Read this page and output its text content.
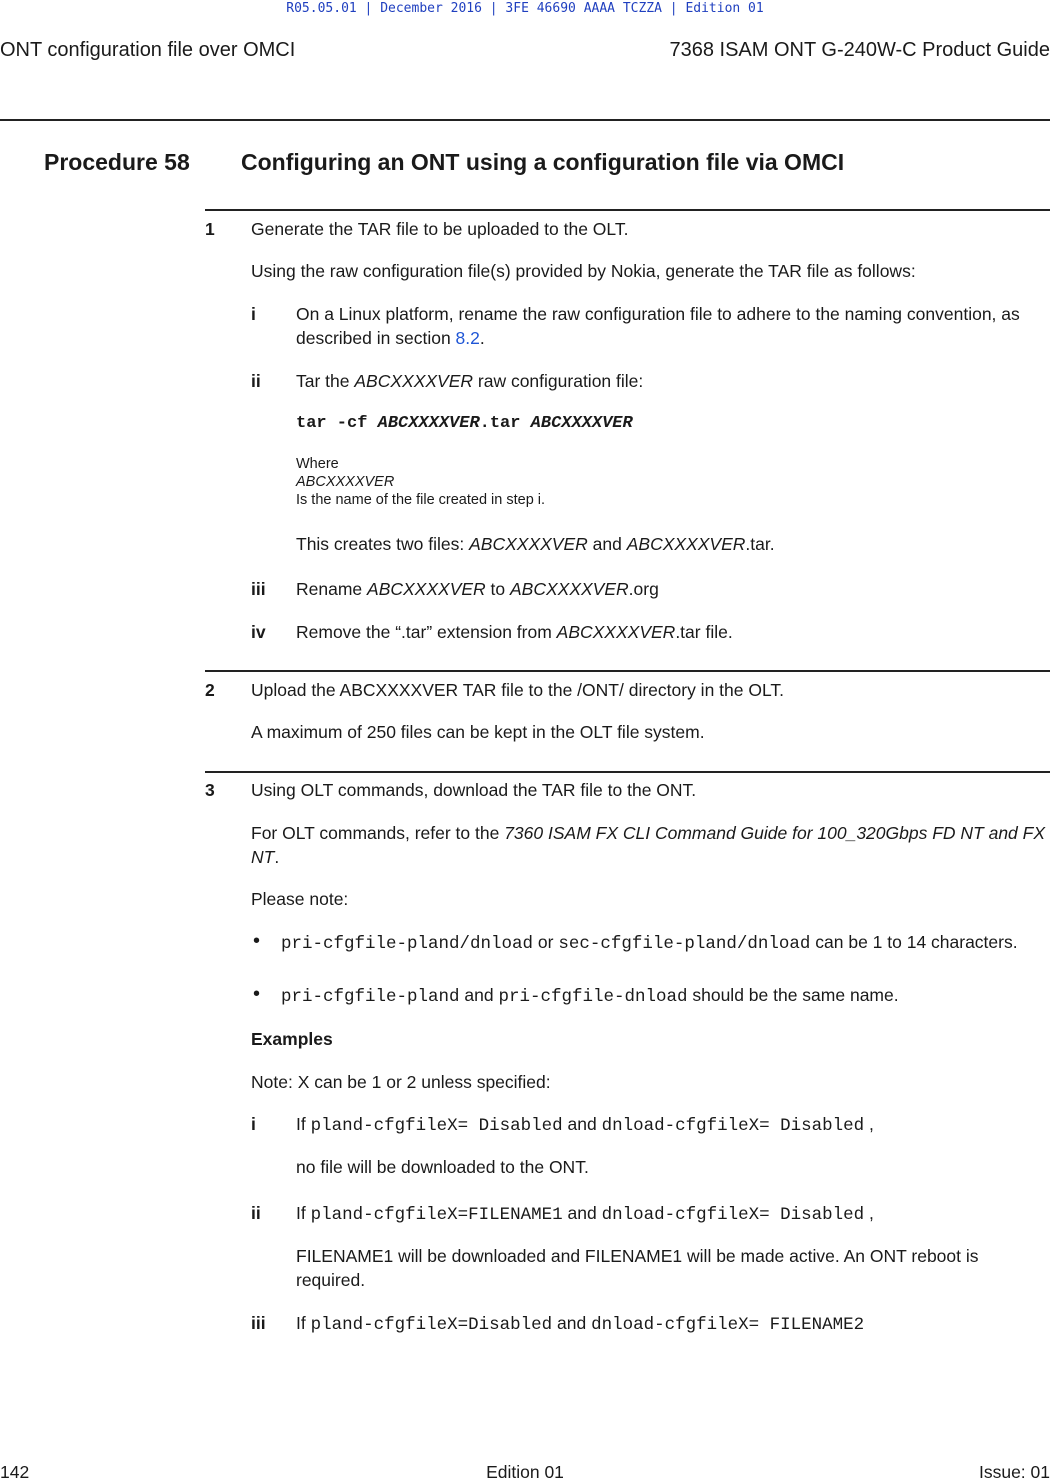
R05.05.01 | December 2016 | 3FE 46690 AAAA TCZZA | Edition 01
ONT configuration file over OMCI	7368 ISAM ONT G-240W-C Product Guide
Procedure 58 Configuring an ONT using a configuration file via OMCI
1 Generate the TAR file to be uploaded to the OLT.
Using the raw configuration file(s) provided by Nokia, generate the TAR file as follows:
i On a Linux platform, rename the raw configuration file to adhere to the naming convention, as described in section 8.2.
ii Tar the ABCXXXXVER raw configuration file:
tar -cf ABCXXXXVER.tar ABCXXXXVER
Where
ABCXXXXVER
Is the name of the file created in step i.
This creates two files: ABCXXXXVER and ABCXXXXVER.tar.
iii Rename ABCXXXXVER to ABCXXXXVER.org
iv Remove the “.tar” extension from ABCXXXXVER.tar file.
2 Upload the ABCXXXXVER TAR file to the /ONT/ directory in the OLT.
A maximum of 250 files can be kept in the OLT file system.
3 Using OLT commands, download the TAR file to the ONT.
For OLT commands, refer to the 7360 ISAM FX CLI Command Guide for 100_320Gbps FD NT and FX NT.
Please note:
• pri-cfgfile-pland/dnload or sec-cfgfile-pland/dnload can be 1 to 14 characters.
• pri-cfgfile-pland and pri-cfgfile-dnload should be the same name.
Examples
Note: X can be 1 or 2 unless specified:
i If pland-cfgfileX= Disabled and dnload-cfgfileX= Disabled ,
no file will be downloaded to the ONT.
ii If pland-cfgfileX=FILENAME1 and dnload-cfgfileX= Disabled ,
FILENAME1 will be downloaded and FILENAME1 will be made active. An ONT reboot is required.
iii If pland-cfgfileX=Disabled and dnload-cfgfileX= FILENAME2
142	Edition 01	Issue: 01
